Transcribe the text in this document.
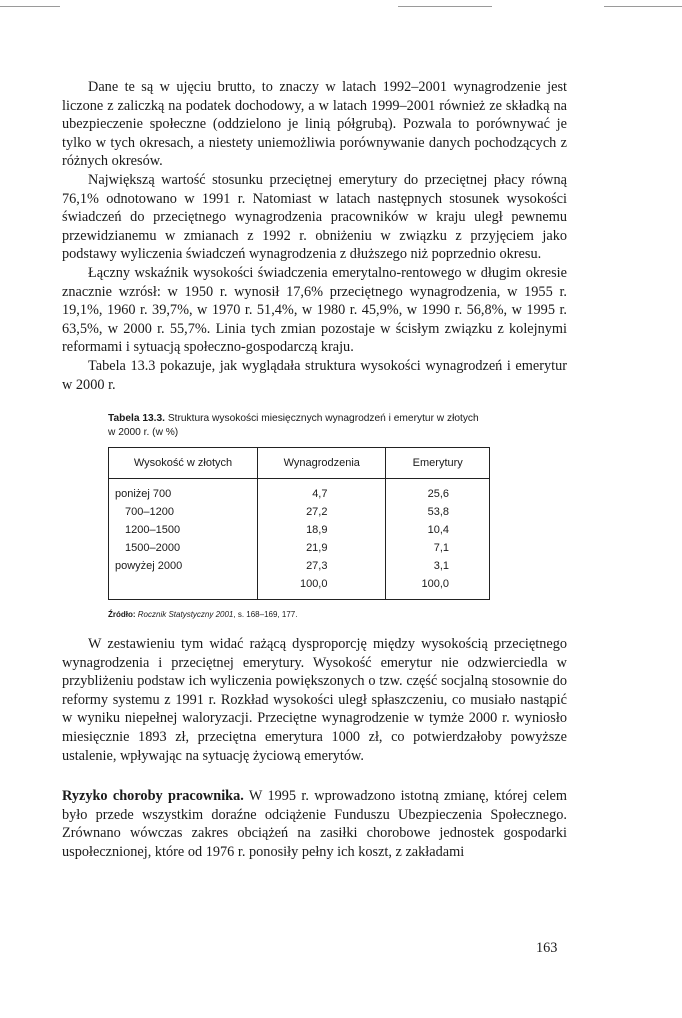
Dane te są w ujęciu brutto, to znaczy w latach 1992–2001 wynagrodzenie jest liczone z zaliczką na podatek dochodowy, a w latach 1999–2001 również ze składką na ubezpieczenie społeczne (oddzielono je linią półgrubą). Pozwala to porównywać je tylko w tych okresach, a niestety uniemożliwia porównywanie danych pochodzących z różnych okresów.

Największą wartość stosunku przeciętnej emerytury do przeciętnej płacy równą 76,1% odnotowano w 1991 r. Natomiast w latach następnych stosunek wysokości świadczeń do przeciętnego wynagrodzenia pracowników w kraju uległ pewnemu przewidzianemu w zmianach z 1992 r. obniżeniu w związku z przyjęciem jako podstawy wyliczenia świadczeń wynagrodzenia z dłuższego niż poprzednio okresu.

Łączny wskaźnik wysokości świadczenia emerytalno-rentowego w długim okresie znacznie wzrósł: w 1950 r. wynosił 17,6% przeciętnego wynagrodzenia, w 1955 r. 19,1%, 1960 r. 39,7%, w 1970 r. 51,4%, w 1980 r. 45,9%, w 1990 r. 56,8%, w 1995 r. 63,5%, w 2000 r. 55,7%. Linia tych zmian pozostaje w ścisłym związku z kolejnymi reformami i sytuacją społeczno-gospodarczą kraju.

Tabela 13.3 pokazuje, jak wyglądała struktura wysokości wynagrodzeń i emerytur w 2000 r.

Tabela 13.3. Struktura wysokości miesięcznych wynagrodzeń i emerytur w złotych w 2000 r. (w %)
Wysokość w złotych	Wynagrodzenia	Emerytury
poniżej 700	4,7	25,6
700–1200	27,2	53,8
1200–1500	18,9	10,4
1500–2000	21,9	7,1
powyżej 2000	27,3	3,1
	100,0	100,0
Źródło: Rocznik Statystyczny 2001, s. 168–169, 177.

W zestawieniu tym widać rażącą dysproporcję między wysokością przeciętnego wynagrodzenia i przeciętnej emerytury. Wysokość emerytur nie odzwierciedla w przybliżeniu podstaw ich wyliczenia powiększonych o tzw. część socjalną stosownie do reformy systemu z 1991 r. Rozkład wysokości uległ spłaszczeniu, co musiało nastąpić w wyniku niepełnej waloryzacji. Przeciętne wynagrodzenie w tymże 2000 r. wyniosło miesięcznie 1893 zł, przeciętna emerytura 1000 zł, co potwierdzałoby powyższe ustalenie, wpływając na sytuację życiową emerytów.

Ryzyko choroby pracownika. W 1995 r. wprowadzono istotną zmianę, której celem było przede wszystkim doraźne odciążenie Funduszu Ubezpieczenia Społecznego. Zrównano wówczas zakres obciążeń na zasiłki chorobowe jednostek gospodarki uspołecznionej, które od 1976 r. ponosiły pełny ich koszt, z zakładami

163
